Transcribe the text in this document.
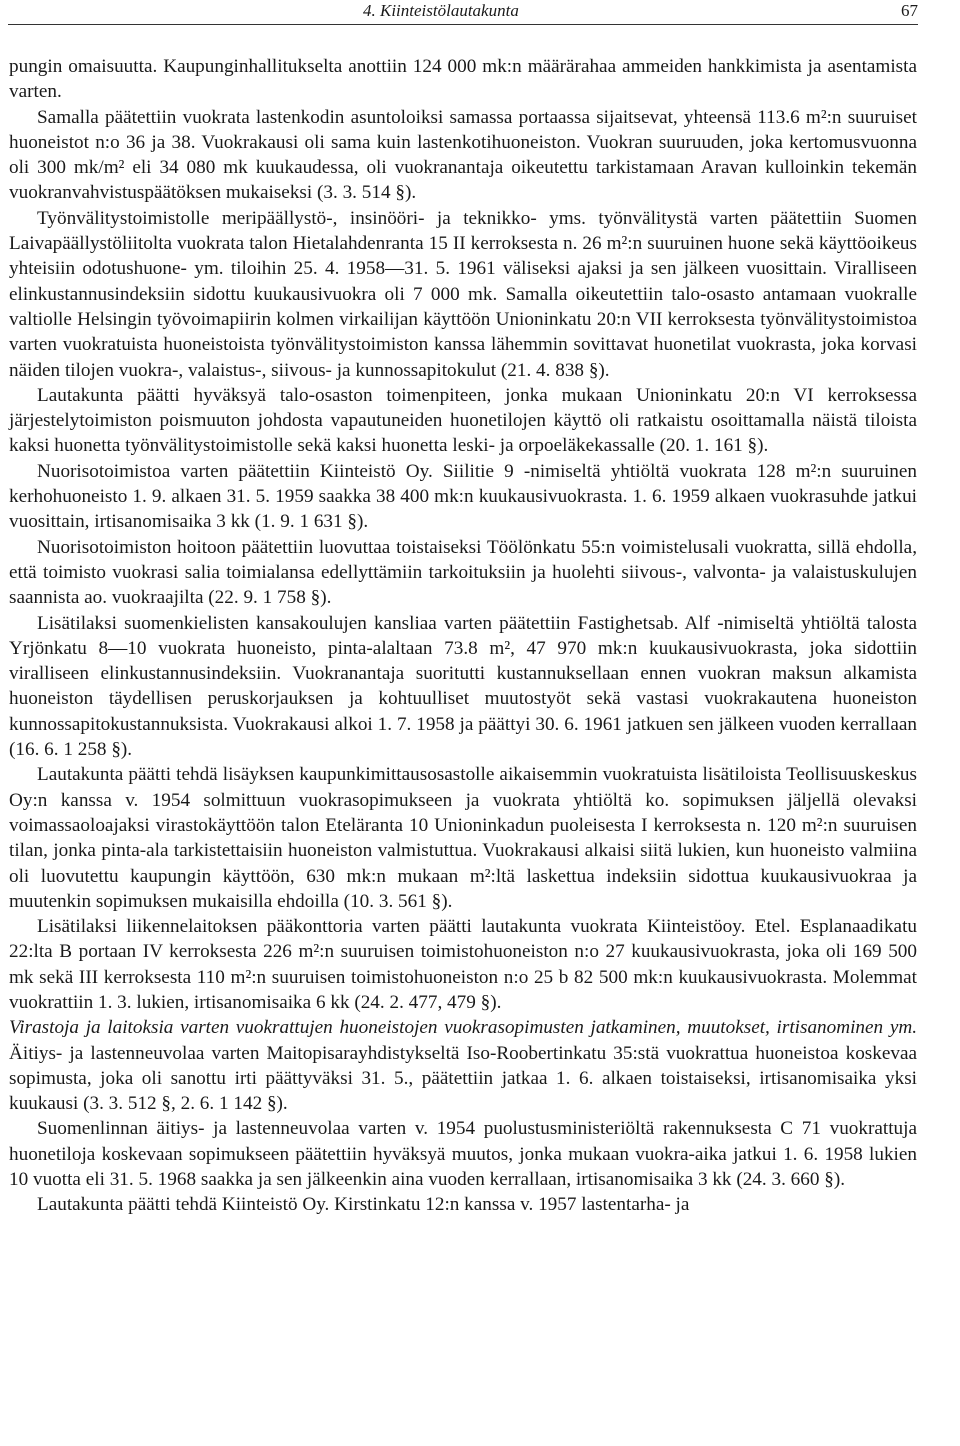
4. Kiinteistölautakunta	67

pungin omaisuutta. Kaupunginhallitukselta anottiin 124 000 mk:n määrärahaa ammeiden hankkimista ja asentamista varten.

Samalla päätettiin vuokrata lastenkodin asuntoloiksi samassa portaassa sijaitsevat, yhteensä 113.6 m²:n suuruiset huoneistot n:o 36 ja 38. Vuokrakausi oli sama kuin lastenkotihuoneiston. Vuokran suuruuden, joka kertomusvuonna oli 300 mk/m² eli 34 080 mk kuukaudessa, oli vuokranantaja oikeutettu tarkistamaan Aravan kulloinkin tekemän vuokranvahvistuspäätöksen mukaiseksi (3. 3. 514 §).

Työnvälitystoimistolle meripäällystö-, insinööri- ja teknikko- yms. työnvälitystä varten päätettiin Suomen Laivapäällystöliitolta vuokrata talon Hietalahdenranta 15 II kerroksesta n. 26 m²:n suuruinen huone sekä käyttöoikeus yhteisiin odotushuone- ym. tiloihin 25. 4. 1958—31. 5. 1961 väliseksi ajaksi ja sen jälkeen vuosittain. Viralliseen elinkustannusindeksiin sidottu kuukausivuokra oli 7 000 mk. Samalla oikeutettiin talo-osasto antamaan vuokralle valtiolle Helsingin työvoimapiirin kolmen virkailijan käyttöön Unioninkatu 20:n VII kerroksesta työnvälitystoimistoa varten vuokratuista huoneistoista työnvälitystoimiston kanssa lähemmin sovittavat huonetilat vuokrasta, joka korvasi näiden tilojen vuokra-, valaistus-, siivous- ja kunnossapitokulut (21. 4. 838 §).

Lautakunta päätti hyväksyä talo-osaston toimenpiteen, jonka mukaan Unioninkatu 20:n VI kerroksessa järjestelytoimiston poismuuton johdosta vapautuneiden huonetilojen käyttö oli ratkaistu osoittamalla näistä tiloista kaksi huonetta työnvälitystoimistolle sekä kaksi huonetta leski- ja orpoeläkekassalle (20. 1. 161 §).

Nuorisotoimistoa varten päätettiin Kiinteistö Oy. Siilitie 9 -nimiseltä yhtiöltä vuokrata 128 m²:n suuruinen kerhohuoneisto 1. 9. alkaen 31. 5. 1959 saakka 38 400 mk:n kuukausivuokrasta. 1. 6. 1959 alkaen vuokrasuhde jatkui vuosittain, irtisanomisaika 3 kk (1. 9. 1 631 §).

Nuorisotoimiston hoitoon päätettiin luovuttaa toistaiseksi Töölönkatu 55:n voimistelusali vuokratta, sillä ehdolla, että toimisto vuokrasi salia toimialansa edellyttämiin tarkoituksiin ja huolehti siivous-, valvonta- ja valaistuskulujen saannista ao. vuokraajilta (22. 9. 1 758 §).

Lisätilaksi suomenkielisten kansakoulujen kansliaa varten päätettiin Fastighetsab. Alf -nimiseltä yhtiöltä talosta Yrjönkatu 8—10 vuokrata huoneisto, pinta-alaltaan 73.8 m², 47 970 mk:n kuukausivuokrasta, joka sidottiin viralliseen elinkustannusindeksiin. Vuokranantaja suoritutti kustannuksellaan ennen vuokran maksun alkamista huoneiston täydellisen peruskorjauksen ja kohtuulliset muutostyöt sekä vastasi vuokrakautena huoneiston kunnossapitokustannuksista. Vuokrakausi alkoi 1. 7. 1958 ja päättyi 30. 6. 1961 jatkuen sen jälkeen vuoden kerrallaan (16. 6. 1 258 §).

Lautakunta päätti tehdä lisäyksen kaupunkimittausosastolle aikaisemmin vuokratuista lisätiloista Teollisuuskeskus Oy:n kanssa v. 1954 solmittuun vuokrasopimukseen ja vuokrata yhtiöltä ko. sopimuksen jäljellä olevaksi voimassaoloajaksi virastokäyttöön talon Eteläranta 10 Unioninkadun puoleisesta I kerroksesta n. 120 m²:n suuruisen tilan, jonka pinta-ala tarkistettaisiin huoneiston valmistuttua. Vuokrakausi alkaisi siitä lukien, kun huoneisto valmiina oli luovutettu kaupungin käyttöön, 630 mk:n mukaan m²:ltä laskettua indeksiin sidottua kuukausivuokraa ja muutenkin sopimuksen mukaisilla ehdoilla (10. 3. 561 §).

Lisätilaksi liikennelaitoksen pääkonttoria varten päätti lautakunta vuokrata Kiinteistöoy. Etel. Esplanaadikatu 22:lta B portaan IV kerroksesta 226 m²:n suuruisen toimistohuoneiston n:o 27 kuukausivuokrasta, joka oli 169 500 mk sekä III kerroksesta 110 m²:n suuruisen toimistohuoneiston n:o 25 b 82 500 mk:n kuukausivuokrasta. Molemmat vuokrattiin 1. 3. lukien, irtisanomisaika 6 kk (24. 2. 477, 479 §).

Virastoja ja laitoksia varten vuokrattujen huoneistojen vuokrasopimusten jatkaminen, muutokset, irtisanominen ym. Äitiys- ja lastenneuvolaa varten Maitopisarayhdistykseltä Iso-Roobertinkatu 35:stä vuokrattua huoneistoa koskevaa sopimusta, joka oli sanottu irti päättyväksi 31. 5., päätettiin jatkaa 1. 6. alkaen toistaiseksi, irtisanomisaika yksi kuukausi (3. 3. 512 §, 2. 6. 1 142 §).

Suomenlinnan äitiys- ja lastenneuvolaa varten v. 1954 puolustusministeriöltä rakennuksesta C 71 vuokrattuja huonetiloja koskevaan sopimukseen päätettiin hyväksyä muutos, jonka mukaan vuokra-aika jatkui 1. 6. 1958 lukien 10 vuotta eli 31. 5. 1968 saakka ja sen jälkeenkin aina vuoden kerrallaan, irtisanomisaika 3 kk (24. 3. 660 §).

Lautakunta päätti tehdä Kiinteistö Oy. Kirstinkatu 12:n kanssa v. 1957 lastentarha- ja
